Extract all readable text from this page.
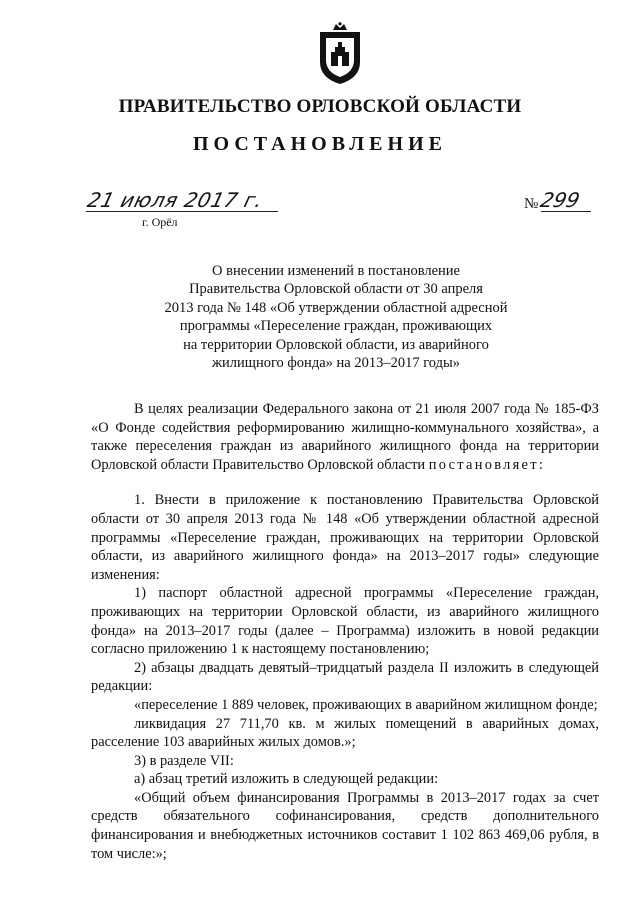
ПРАВИТЕЛЬСТВО ОРЛОВСКОЙ ОБЛАСТИ
ПОСТАНОВЛЕНИЕ
21 июля 2017 г.
г. Орёл
№ 299
О внесении изменений в постановление
Правительства Орловской области от 30 апреля
2013 года № 148 «Об утверждении областной адресной
программы «Переселение граждан, проживающих
на территории Орловской области, из аварийного
жилищного фонда» на 2013–2017 годы»

В целях реализации Федерального закона от 21 июля 2007 года № 185-ФЗ «О Фонде содействия реформированию жилищно-коммунального хозяйства», а также переселения граждан из аварийного жилищного фонда на территории Орловской области Правительство Орловской области постановляет:

1. Внести в приложение к постановлению Правительства Орловской области от 30 апреля 2013 года № 148 «Об утверждении областной адресной программы «Переселение граждан, проживающих на территории Орловской области, из аварийного жилищного фонда» на 2013–2017 годы» следующие изменения:

1) паспорт областной адресной программы «Переселение граждан, проживающих на территории Орловской области, из аварийного жилищного фонда» на 2013–2017 годы (далее – Программа) изложить в новой редакции согласно приложению 1 к настоящему постановлению;

2) абзацы двадцать девятый–тридцатый раздела II изложить в следующей редакции:

«переселение 1 889 человек, проживающих в аварийном жилищном фонде;

ликвидация 27 711,70 кв. м жилых помещений в аварийных домах, расселение 103 аварийных жилых домов.»;

3) в разделе VII:

а) абзац третий изложить в следующей редакции:

«Общий объем финансирования Программы в 2013–2017 годах за счет средств обязательного софинансирования, средств дополнительного финансирования и внебюджетных источников составит 1 102 863 469,06 рубля, в том числе:»;
